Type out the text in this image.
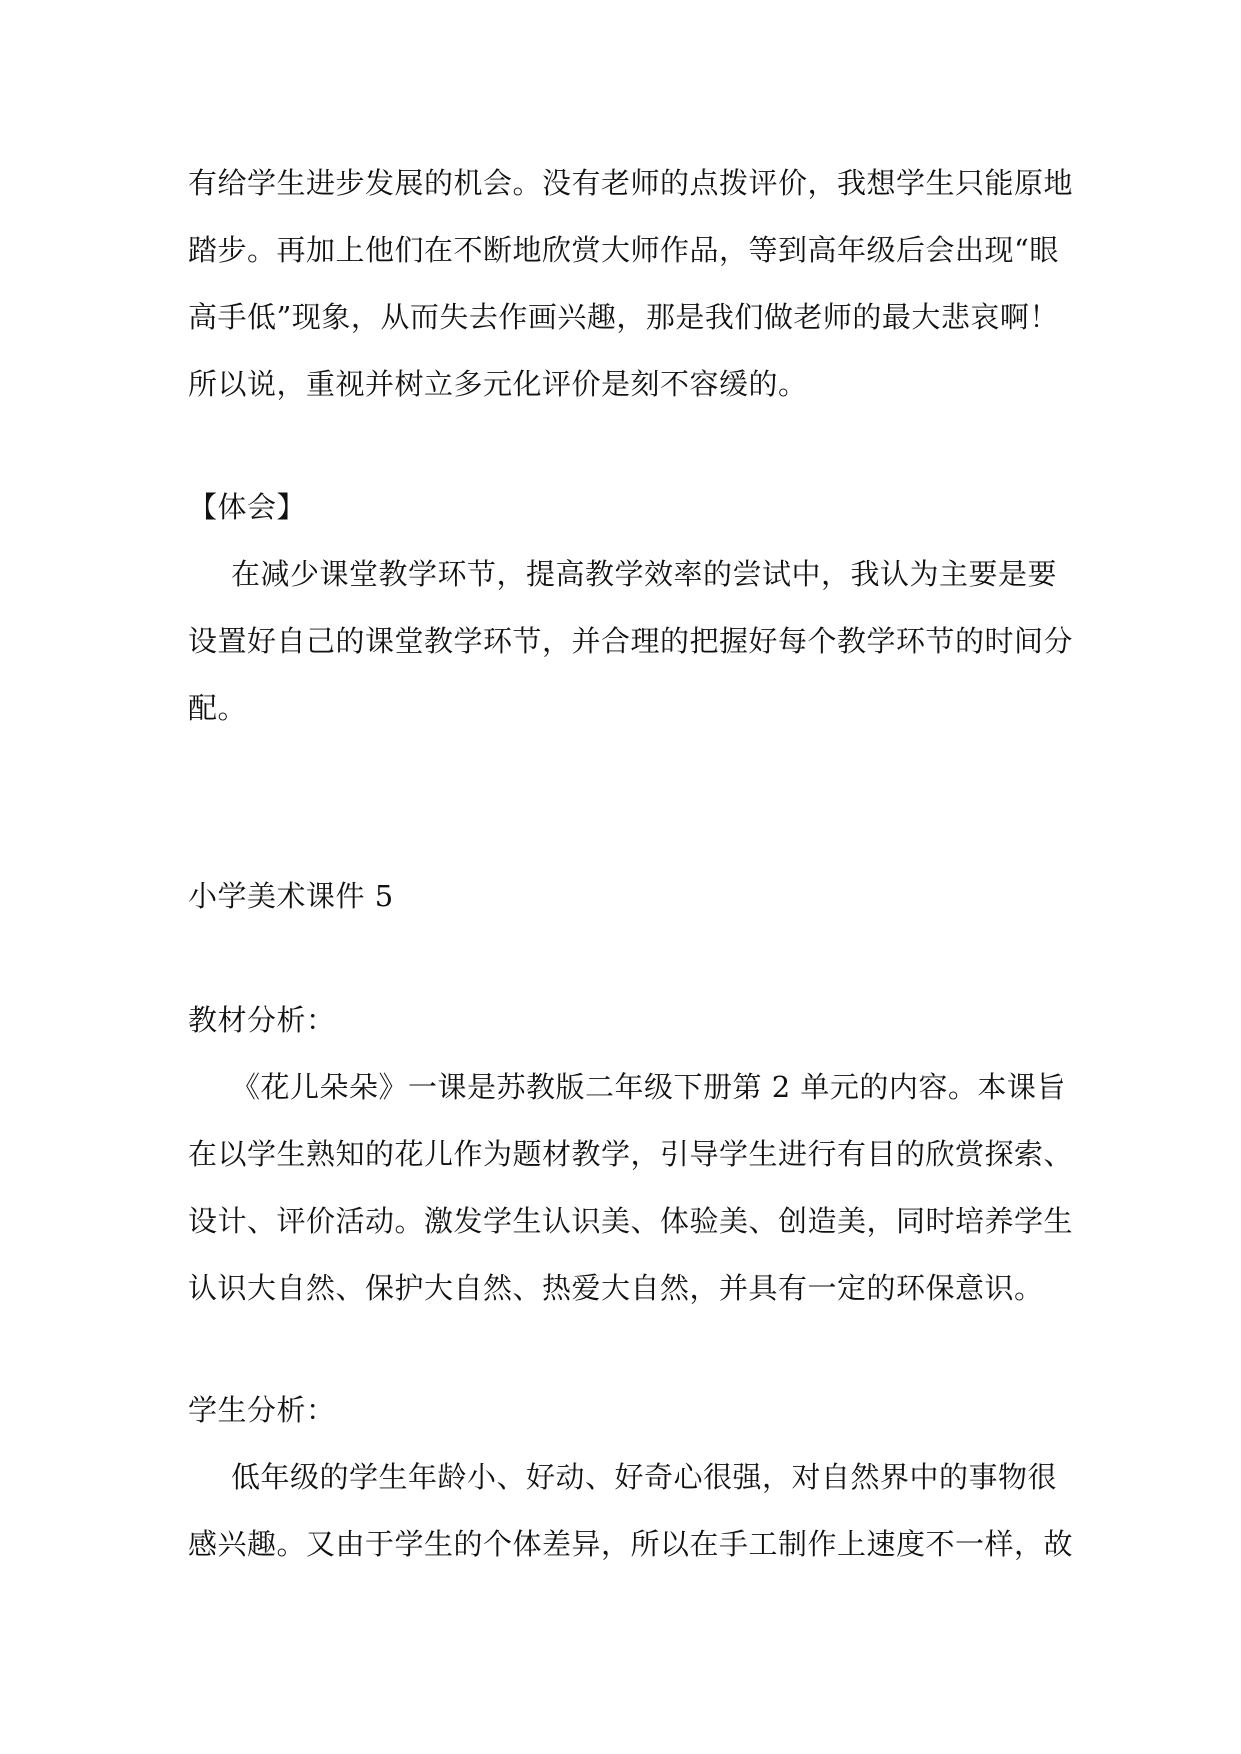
有给学生进步发展的机会。没有老师的点拨评价，我想学生只能原地
踏步。再加上他们在不断地欣赏大师作品，等到高年级后会出现“眼
高手低”现象，从而失去作画兴趣，那是我们做老师的最大悲哀啊！
所以说，重视并树立多元化评价是刻不容缓的。
【体会】
在减少课堂教学环节，提高教学效率的尝试中，我认为主要是要
设置好自己的课堂教学环节，并合理的把握好每个教学环节的时间分
配。
小学美术课件 5
教材分析：
《花儿朵朵》一课是苏教版二年级下册第 2 单元的内容。本课旨
在以学生熟知的花儿作为题材教学，引导学生进行有目的欣赏探索、
设计、评价活动。激发学生认识美、体验美、创造美，同时培养学生
认识大自然、保护大自然、热爱大自然，并具有一定的环保意识。
学生分析：
低年级的学生年龄小、好动、好奇心很强，对自然界中的事物很
感兴趣。又由于学生的个体差异，所以在手工制作上速度不一样，故
